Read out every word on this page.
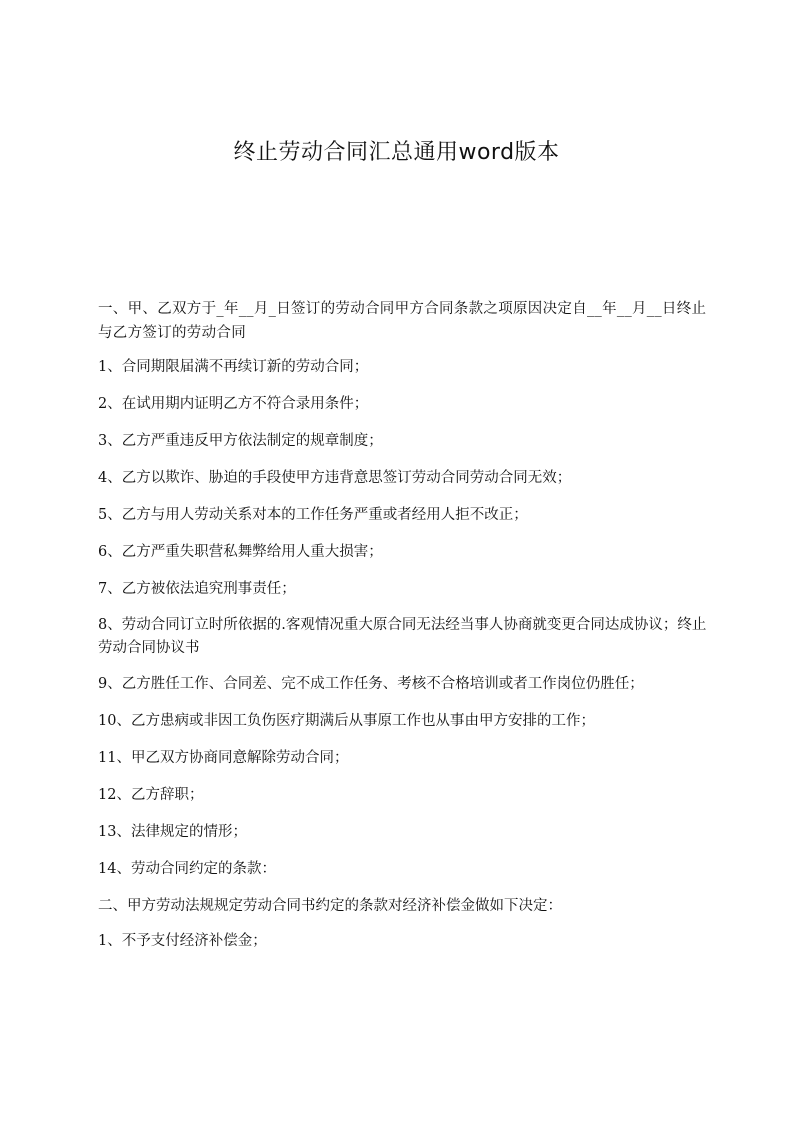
终止劳动合同汇总通用word版本

一、甲、乙双方于_年__月_日签订的劳动合同甲方合同条款之项原因决定自__年__月__日终止与乙方签订的劳动合同

1、合同期限届满不再续订新的劳动合同；

2、在试用期内证明乙方不符合录用条件；

3、乙方严重违反甲方依法制定的规章制度；

4、乙方以欺诈、胁迫的手段使甲方违背意思签订劳动合同劳动合同无效；

5、乙方与用人劳动关系对本的工作任务严重或者经用人拒不改正；

6、乙方严重失职营私舞弊给用人重大损害；

7、乙方被依法追究刑事责任；

8、劳动合同订立时所依据的.客观情况重大原合同无法经当事人协商就变更合同达成协议；终止劳动合同协议书

9、乙方胜任工作、合同差、完不成工作任务、考核不合格培训或者工作岗位仍胜任；

10、乙方患病或非因工负伤医疗期满后从事原工作也从事由甲方安排的工作；

11、甲乙双方协商同意解除劳动合同；

12、乙方辞职；

13、法律规定的情形；

14、劳动合同约定的条款：

二、甲方劳动法规规定劳动合同书约定的条款对经济补偿金做如下决定：

1、不予支付经济补偿金；
